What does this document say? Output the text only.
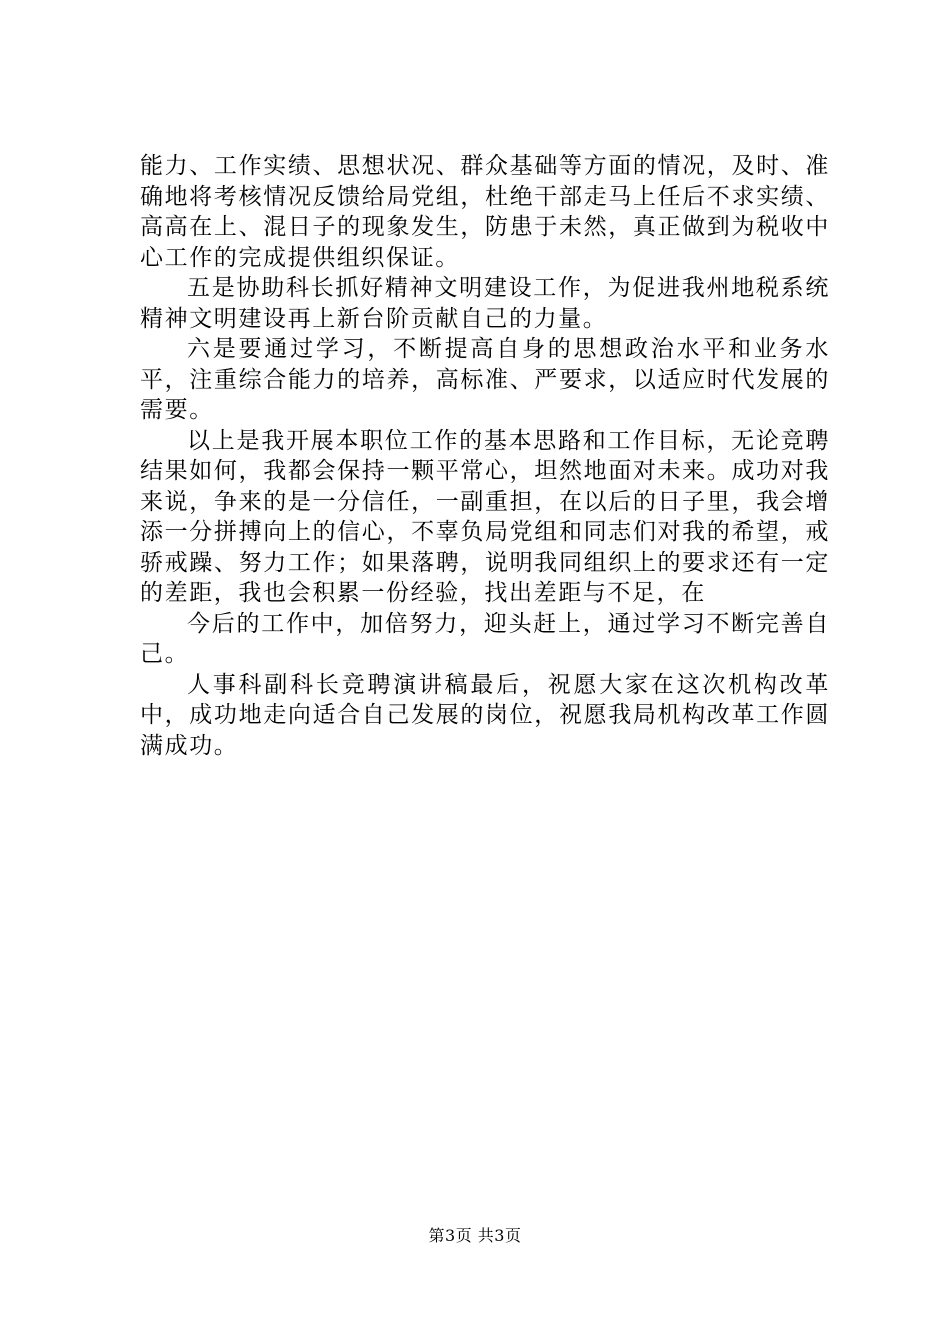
能力、工作实绩、思想状况、群众基础等方面的情况，及时、准确地将考核情况反馈给局党组，杜绝干部走马上任后不求实绩、高高在上、混日子的现象发生，防患于未然，真正做到为税收中心工作的完成提供组织保证。

五是协助科长抓好精神文明建设工作，为促进我州地税系统精神文明建设再上新台阶贡献自己的力量。

六是要通过学习，不断提高自身的思想政治水平和业务水平，注重综合能力的培养，高标准、严要求，以适应时代发展的需要。

以上是我开展本职位工作的基本思路和工作目标，无论竞聘结果如何，我都会保持一颗平常心，坦然地面对未来。成功对我来说，争来的是一分信任，一副重担，在以后的日子里，我会增添一分拼搏向上的信心，不辜负局党组和同志们对我的希望，戒骄戒躁、努力工作；如果落聘，说明我同组织上的要求还有一定的差距，我也会积累一份经验，找出差距与不足，在

今后的工作中，加倍努力，迎头赶上，通过学习不断完善自己。

人事科副科长竞聘演讲稿最后，祝愿大家在这次机构改革中，成功地走向适合自己发展的岗位，祝愿我局机构改革工作圆满成功。

第3页 共3页
